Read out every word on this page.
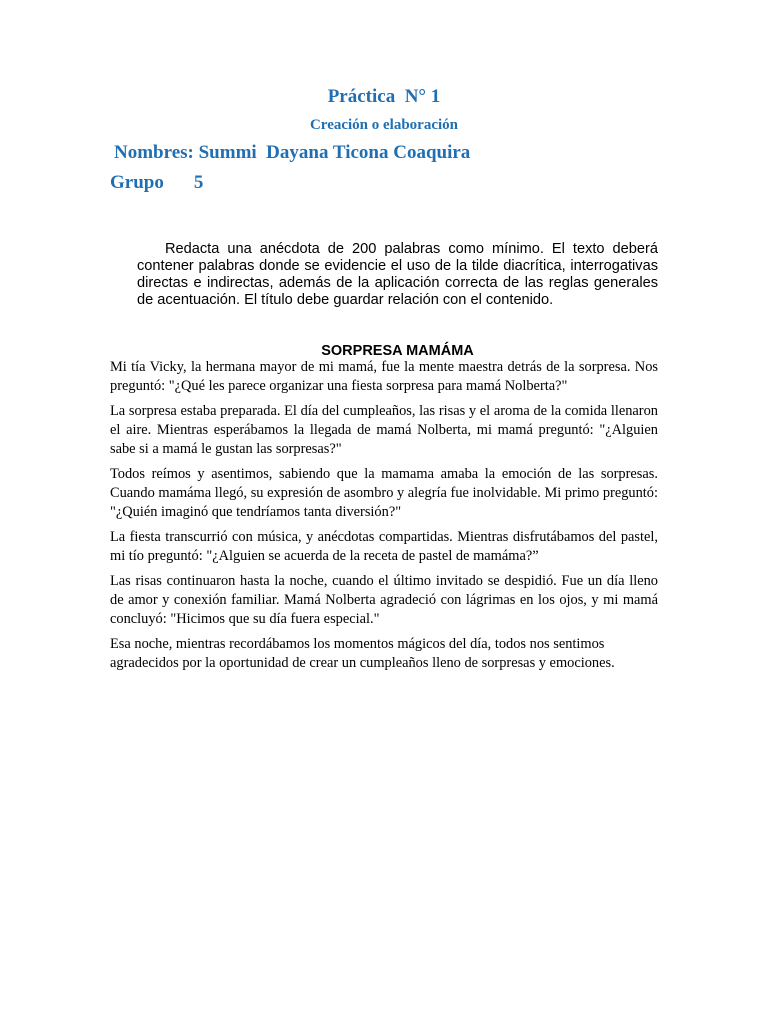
Práctica  N° 1
Creación o elaboración
Nombres: Summi  Dayana Ticona Coaquira
Grupo 5

Redacta una anécdota de 200 palabras como mínimo. El texto deberá contener palabras donde se evidencie el uso de la tilde diacrítica, interrogativas directas e indirectas, además de la aplicación correcta de las reglas generales de acentuación. El título debe guardar relación con el contenido.

SORPRESA MAMÁMA

Mi tía Vicky, la hermana mayor de mi mamá, fue la mente maestra detrás de la sorpresa. Nos preguntó: "¿Qué les parece organizar una fiesta sorpresa para mamá Nolberta?"

La sorpresa estaba preparada. El día del cumpleaños, las risas y el aroma de la comida llenaron el aire. Mientras esperábamos la llegada de mamá Nolberta, mi mamá preguntó: "¿Alguien sabe si a mamá le gustan las sorpresas?"

Todos reímos y asentimos, sabiendo que la mamama amaba la emoción de las sorpresas. Cuando mamáma llegó, su expresión de asombro y alegría fue inolvidable. Mi primo preguntó: "¿Quién imaginó que tendríamos tanta diversión?"

La fiesta transcurrió con música, y anécdotas compartidas. Mientras disfrutábamos del pastel, mi tío preguntó: "¿Alguien se acuerda de la receta de pastel de mamáma?”

Las risas continuaron hasta la noche, cuando el último invitado se despidió. Fue un día lleno de amor y conexión familiar. Mamá Nolberta agradeció con lágrimas en los ojos, y mi mamá concluyó: "Hicimos que su día fuera especial."

Esa noche, mientras recordábamos los momentos mágicos del día, todos nos sentimos agradecidos por la oportunidad de crear un cumpleaños lleno de sorpresas y emociones.
